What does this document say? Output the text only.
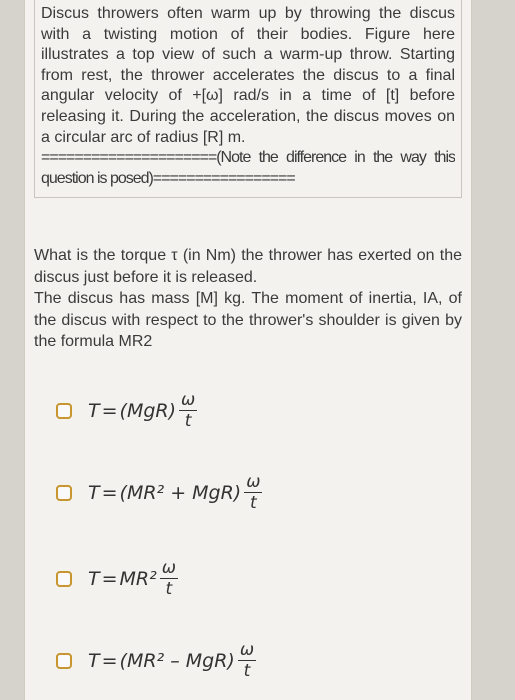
Discus throwers often warm up by throwing the discus with a twisting motion of their bodies. Figure here illustrates a top view of such a warm-up throw. Starting from rest, the thrower accelerates the discus to a final angular velocity of +[ω] rad/s in a time of [t] before releasing it. During the acceleration, the discus moves on a circular arc of radius [R] m.

=====================(Note the difference in the way this question is posed)=================

What is the torque τ (in Nm) the thrower has exerted on the discus just before it is released.

The discus has mass [M] kg. The moment of inertia, IA, of the discus with respect to the thrower's shoulder is given by the formula MR2

$T = (MgR) \frac{\omega}{t}$
$T = (MR^2 + MgR) \frac{\omega}{t}$
$T = MR^2 \frac{\omega}{t}$
$T = (MR^2 - MgR) \frac{\omega}{t}$
